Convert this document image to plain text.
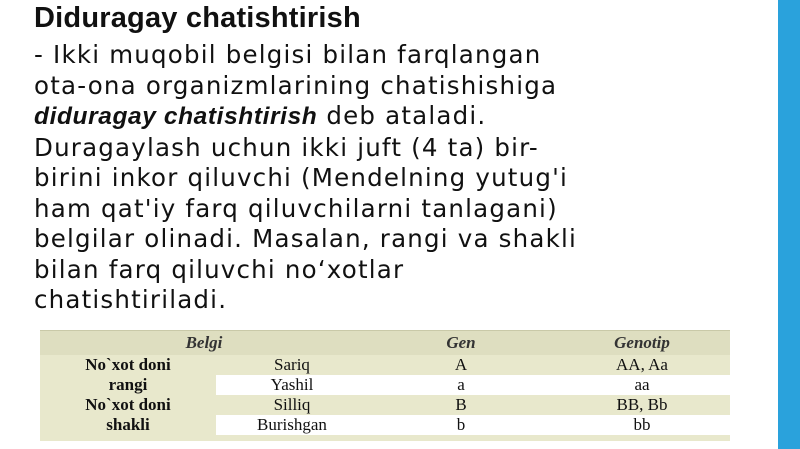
Diduragay chatishtirish
- Ikki muqobil belgisi bilan farqlangan
ota-ona organizmlarining chatishishiga
diduragay chatishtirish deb ataladi.
Duragaylash uchun ikki juft (4 ta) bir-
birini inkor qiluvchi (Mendelning yutug'i
ham qat'iy farq qiluvchilarni tanlagani)
belgilar olinadi. Masalan, rangi va shakli
bilan farq qiluvchi no‘xotlar
chatishtiriladi.
Belgi		Gen	Genotip
No`xot doni	Sariq	A	AA, Aa
rangi	Yashil	a	aa
No`xot doni	Silliq	B	BB, Bb
shakli	Burishgan	b	bb
